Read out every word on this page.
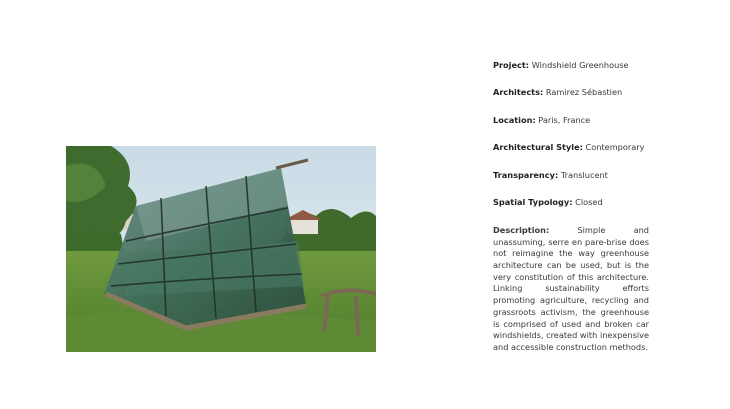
Project: Windshield Greenhouse
Architects: Ramirez Sébastien
Location: Paris, France
Architectural Style: Contemporary
Transparency: Translucent
Spatial Typology: Closed
Description:	Simple and unassuming, serre en pare-brise does not reimagine the way greenhouse architecture can be used, but is the very constitution of this architecture. Linking sustainability efforts promoting agriculture, recycling and grassroots activism, the greenhouse is comprised of used and broken car windshields, created with inexpensive and accessible construction methods.
